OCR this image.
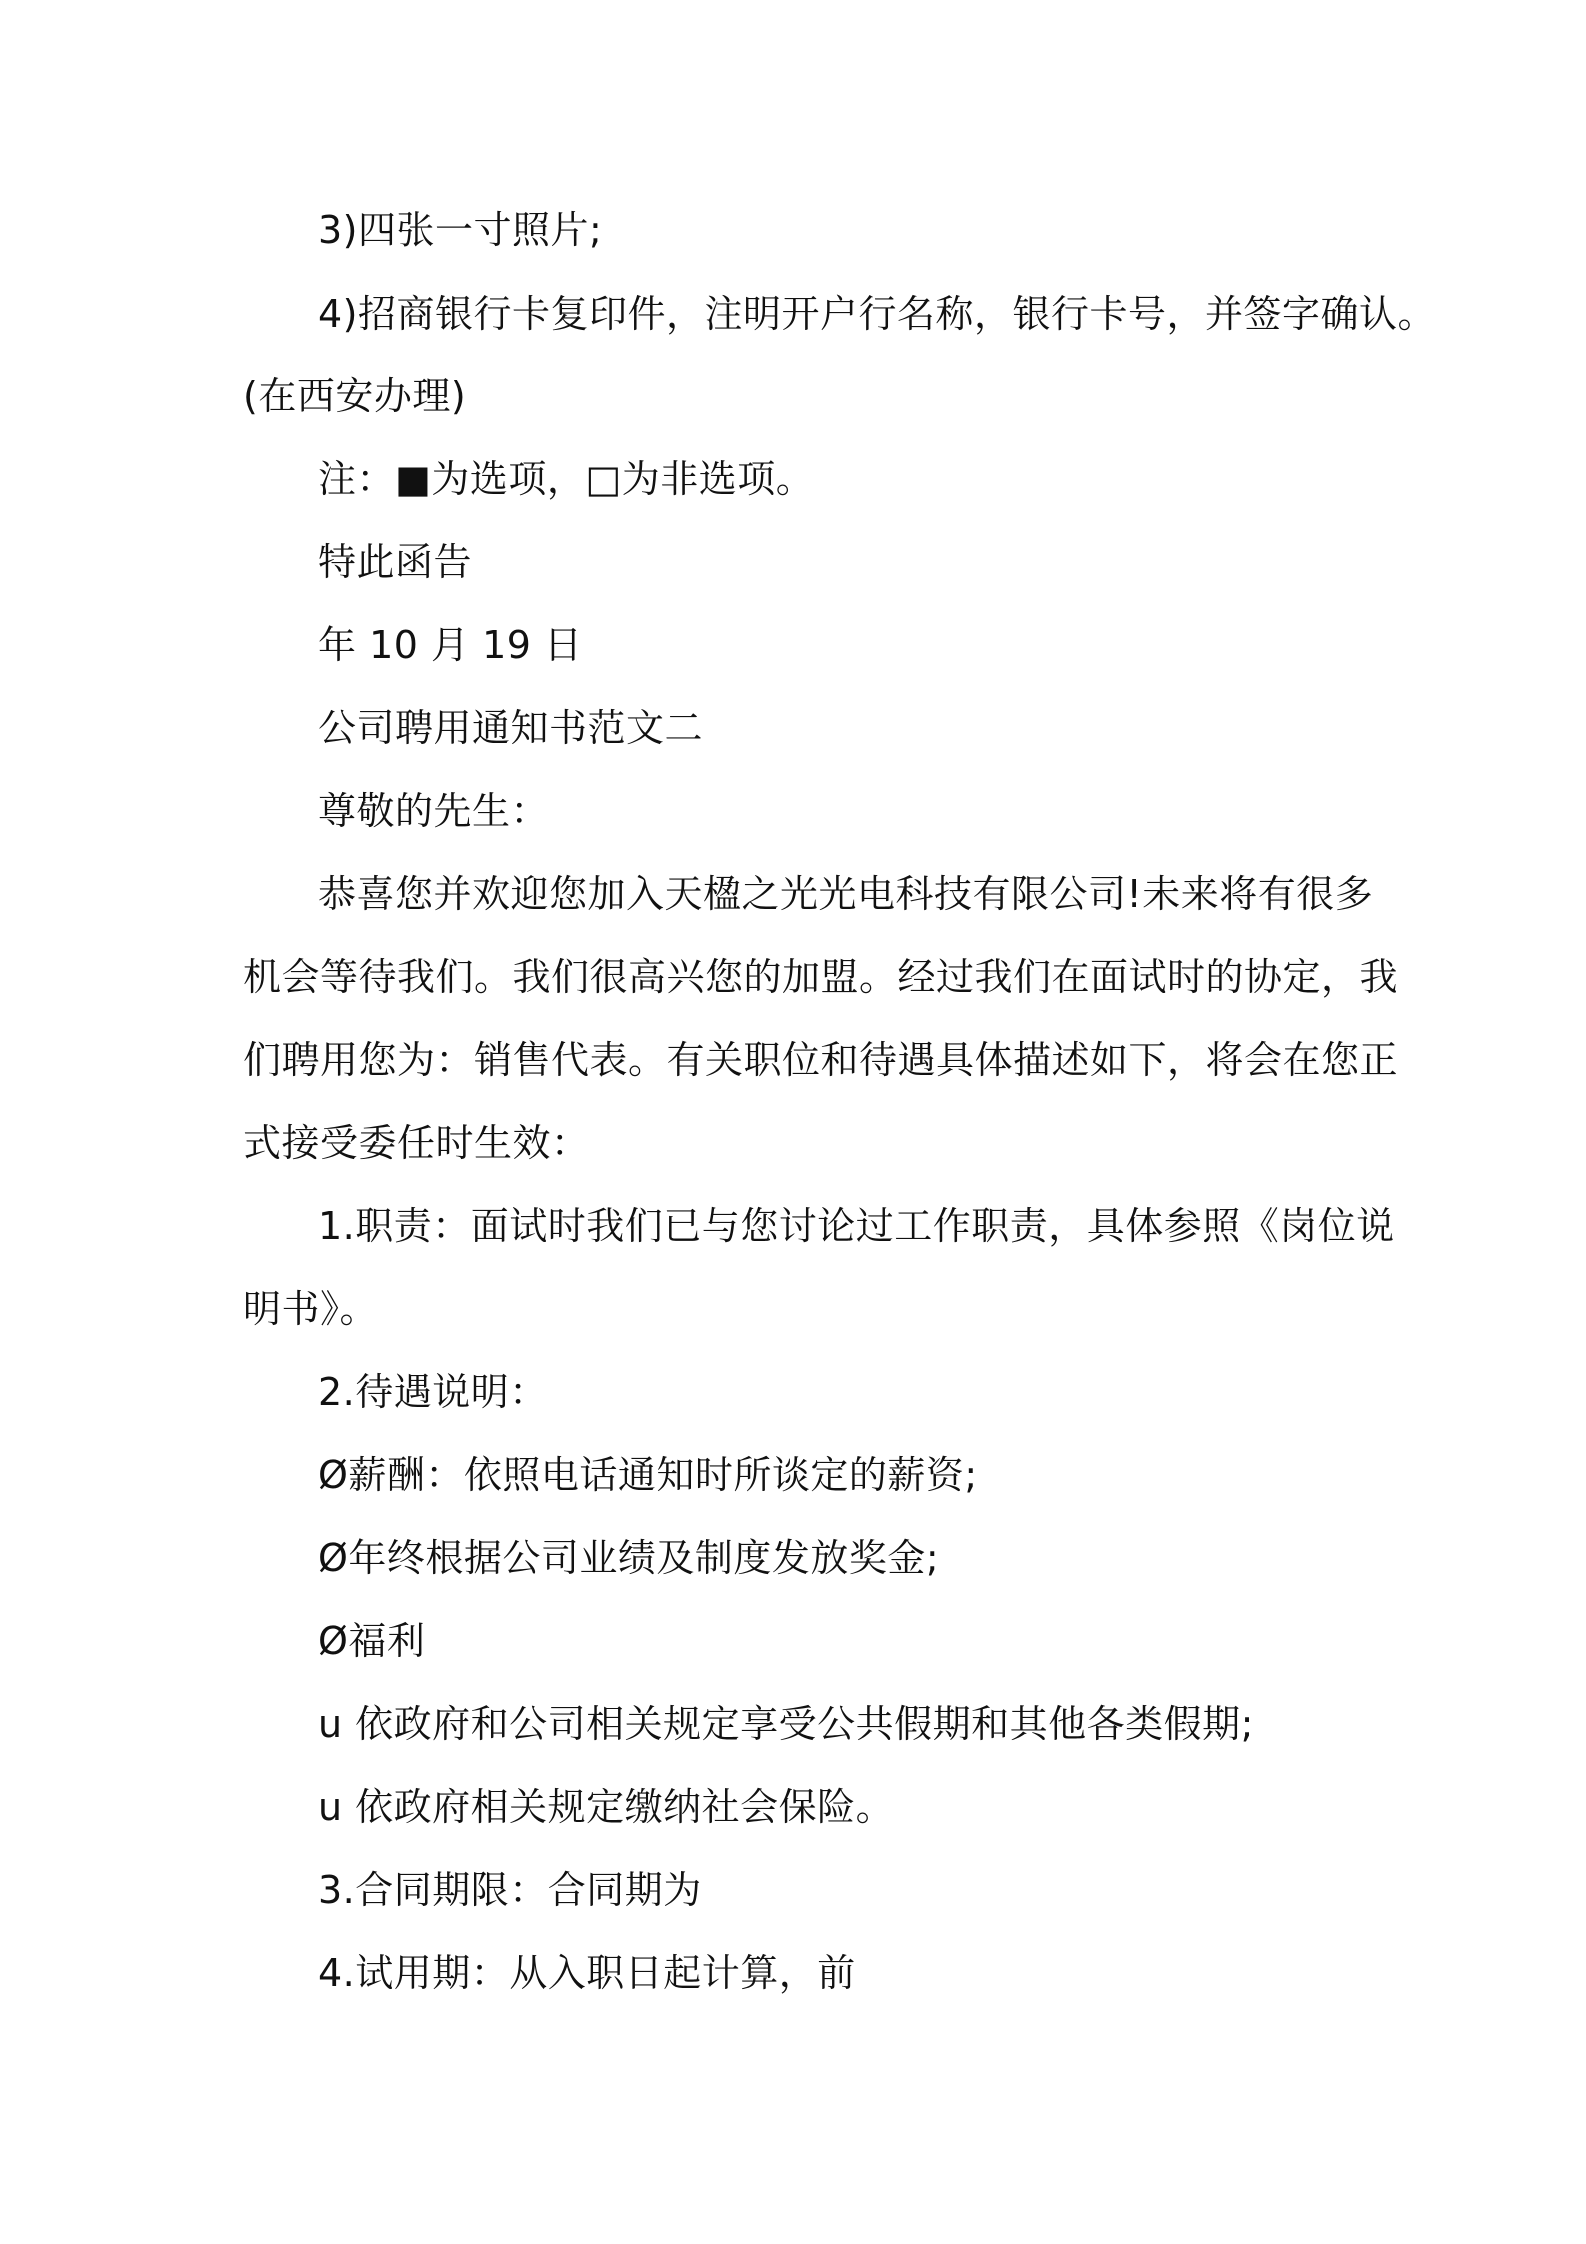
3)四张一寸照片;
4)招商银行卡复印件，注明开户行名称，银行卡号，并签字确认。
(在西安办理)
注：■为选项，□为非选项。
特此函告
年 10 月 19 日
公司聘用通知书范文二
尊敬的先生：
恭喜您并欢迎您加入天楹之光光电科技有限公司!未来将有很多
机会等待我们。我们很高兴您的加盟。经过我们在面试时的协定，我
们聘用您为：销售代表。有关职位和待遇具体描述如下，将会在您正
式接受委任时生效：
1.职责：面试时我们已与您讨论过工作职责，具体参照《岗位说
明书》。
2.待遇说明：
Ø薪酬：依照电话通知时所谈定的薪资;
Ø年终根据公司业绩及制度发放奖金;
Ø福利
u 依政府和公司相关规定享受公共假期和其他各类假期;
u 依政府相关规定缴纳社会保险。
3.合同期限：合同期为
4.试用期：从入职日起计算，前
